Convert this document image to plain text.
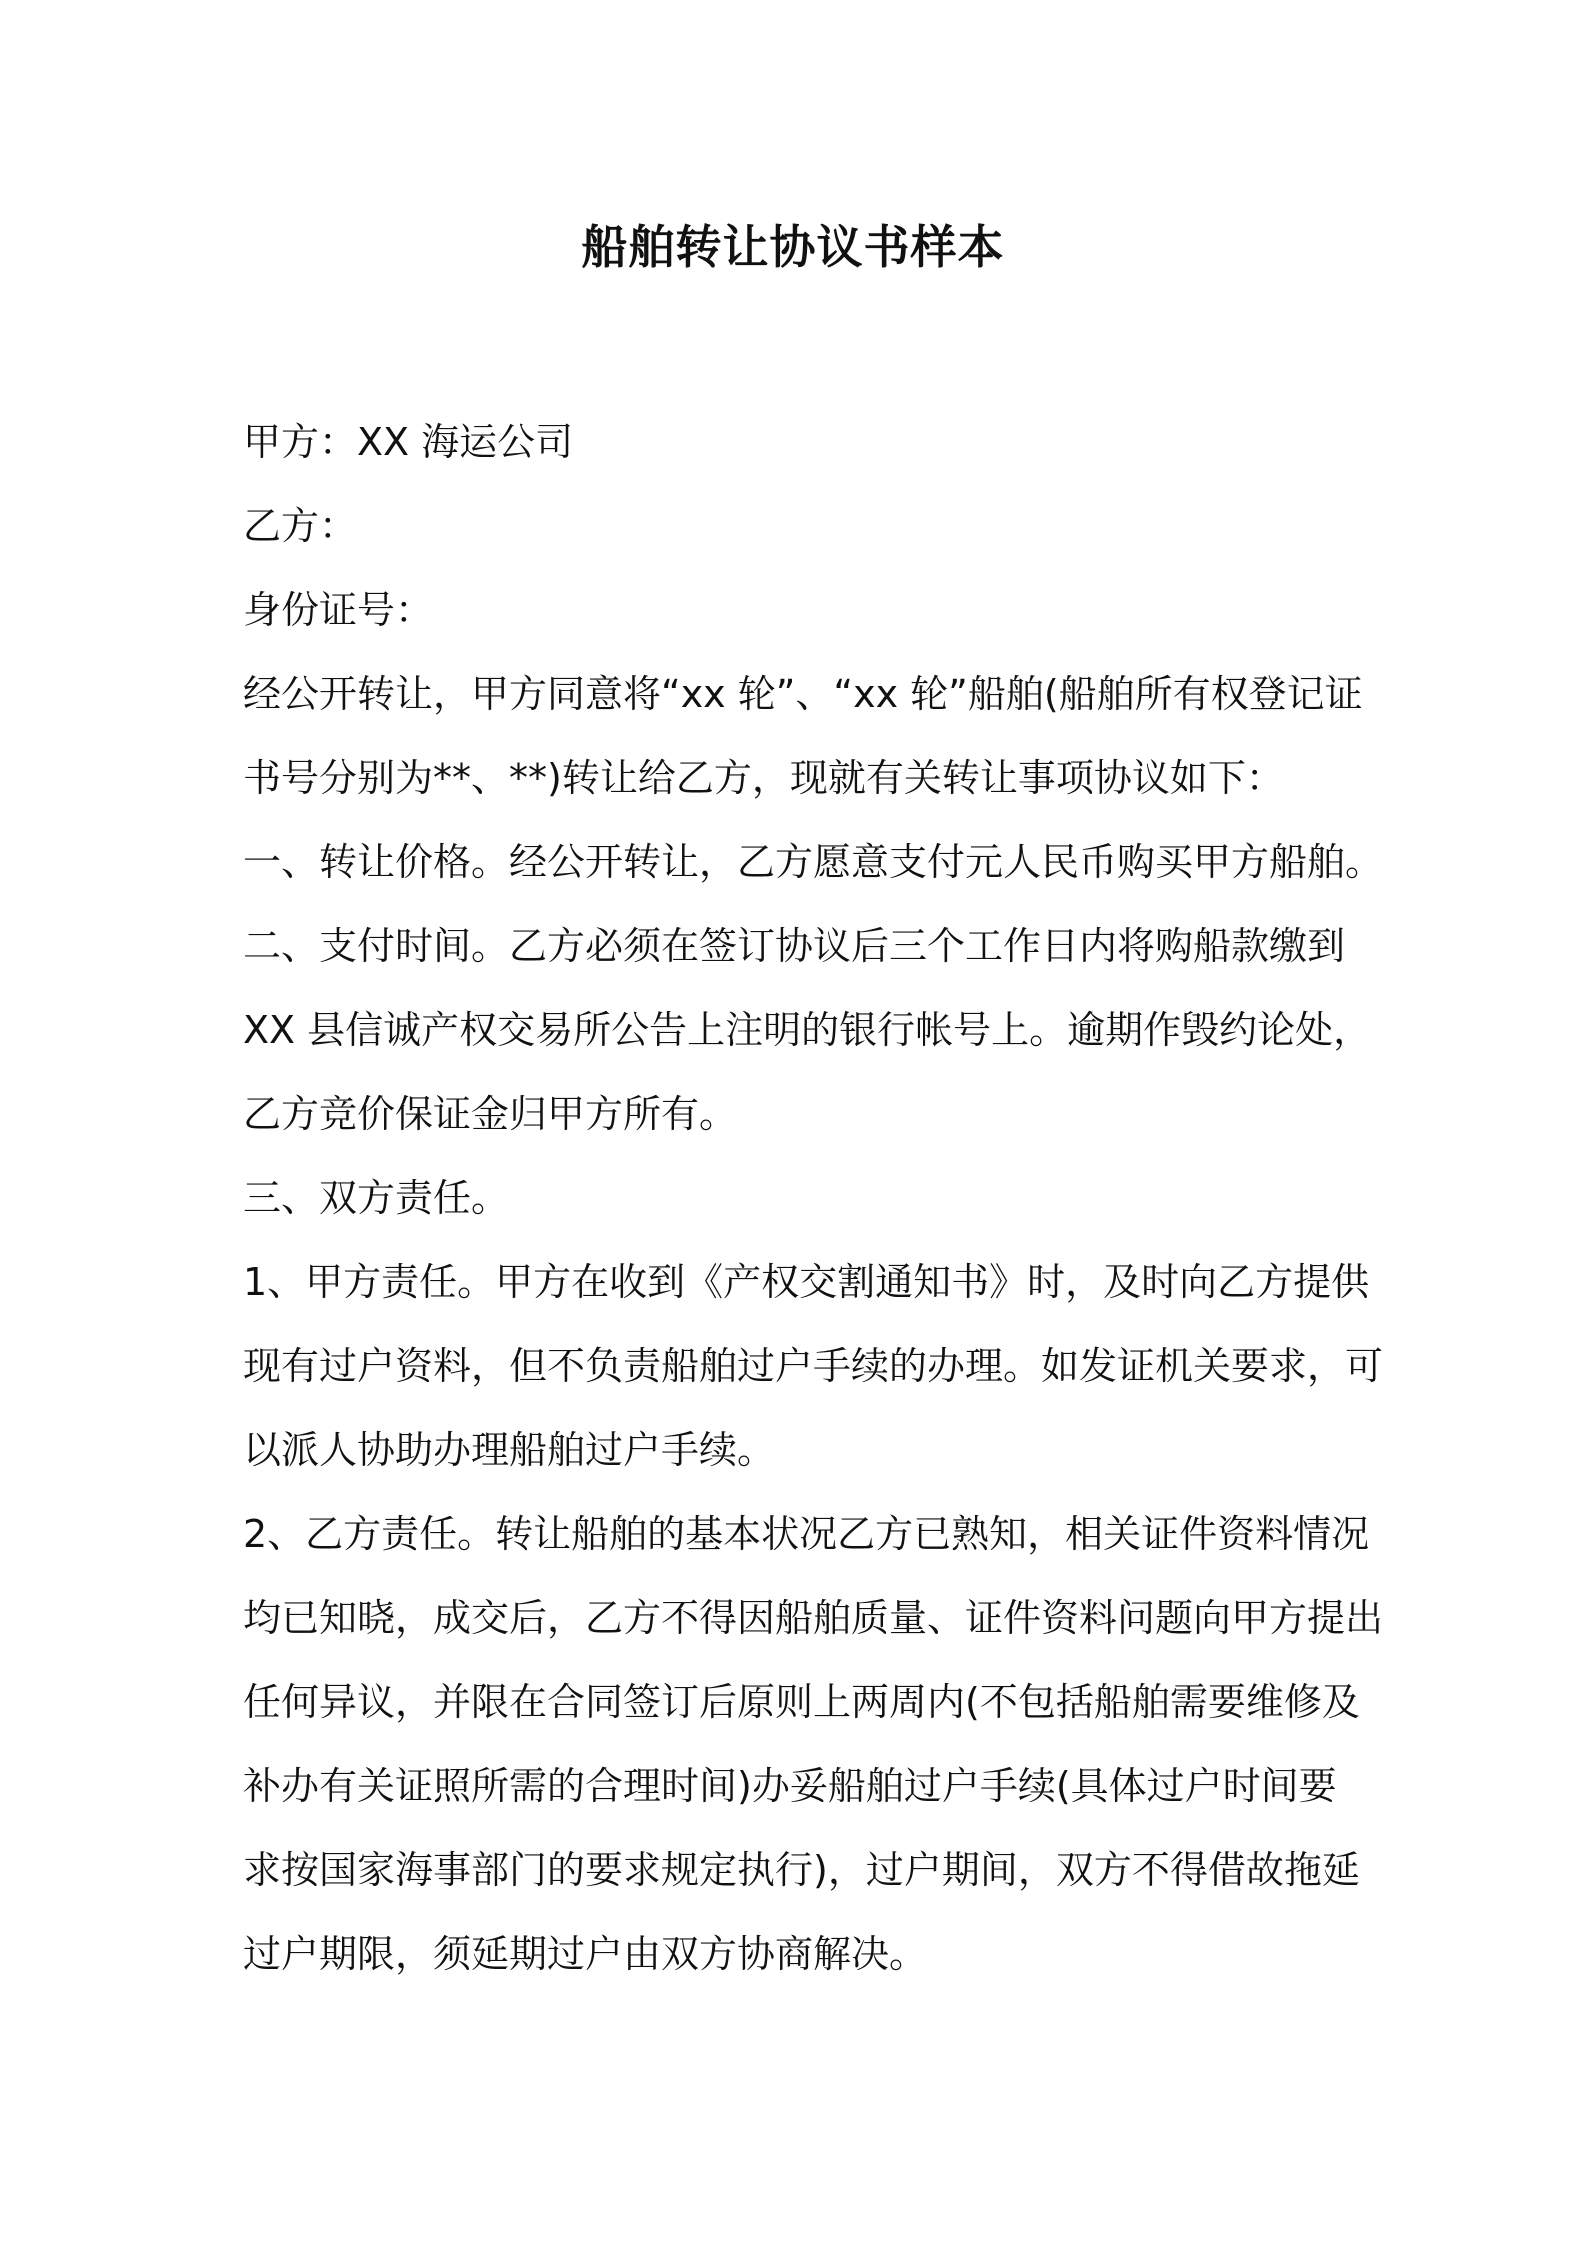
船舶转让协议书样本

甲方：XX 海运公司

乙方：

身份证号：

经公开转让，甲方同意将“xx 轮”、“xx 轮”船舶(船舶所有权登记证

书号分别为**、**)转让给乙方，现就有关转让事项协议如下：

一、转让价格。经公开转让，乙方愿意支付元人民币购买甲方船舶。

二、支付时间。乙方必须在签订协议后三个工作日内将购船款缴到

XX 县信诚产权交易所公告上注明的银行帐号上。逾期作毁约论处，

乙方竞价保证金归甲方所有。

三、双方责任。

1、甲方责任。甲方在收到《产权交割通知书》时，及时向乙方提供

现有过户资料，但不负责船舶过户手续的办理。如发证机关要求，可

以派人协助办理船舶过户手续。

2、乙方责任。转让船舶的基本状况乙方已熟知，相关证件资料情况

均已知晓，成交后，乙方不得因船舶质量、证件资料问题向甲方提出

任何异议，并限在合同签订后原则上两周内(不包括船舶需要维修及

补办有关证照所需的合理时间)办妥船舶过户手续(具体过户时间要

求按国家海事部门的要求规定执行)，过户期间，双方不得借故拖延

过户期限，须延期过户由双方协商解决。
